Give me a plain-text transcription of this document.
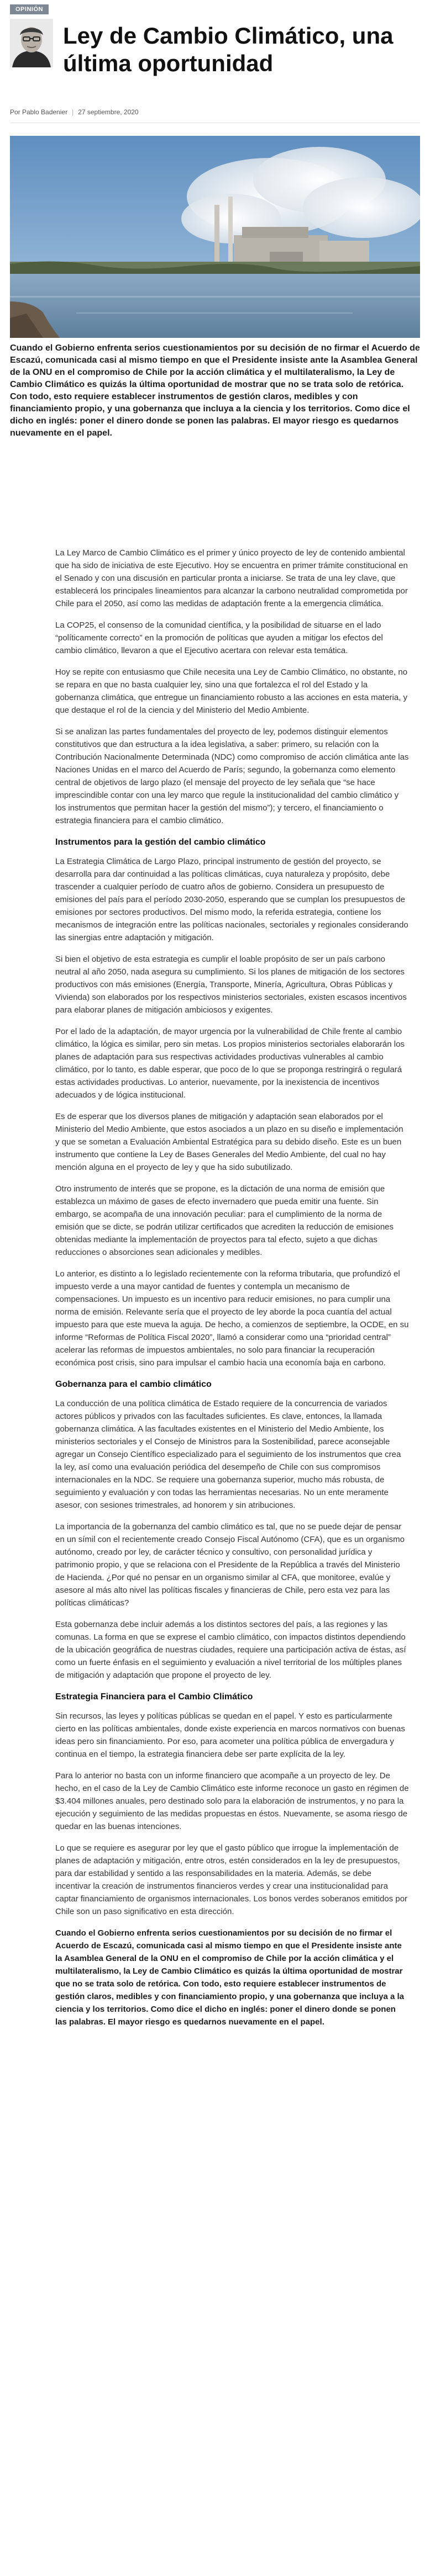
OPINIÓN
Ley de Cambio Climático, una última oportunidad
Por Pablo Badenier | 27 septiembre, 2020

Cuando el Gobierno enfrenta serios cuestionamientos por su decisión de no firmar el Acuerdo de Escazú, comunicada casi al mismo tiempo en que el Presidente insiste ante la Asamblea General de la ONU en el compromiso de Chile por la acción climática y el multilateralismo, la Ley de Cambio Climático es quizás la última oportunidad de mostrar que no se trata solo de retórica. Con todo, esto requiere establecer instrumentos de gestión claros, medibles y con financiamiento propio, y una gobernanza que incluya a la ciencia y los territorios. Como dice el dicho en inglés: poner el dinero donde se ponen las palabras. El mayor riesgo es quedarnos nuevamente en el papel.

La Ley Marco de Cambio Climático es el primer y único proyecto de ley de contenido ambiental que ha sido de iniciativa de este Ejecutivo. Hoy se encuentra en primer trámite constitucional en el Senado y con una discusión en particular pronta a iniciarse. Se trata de una ley clave, que establecerá los principales lineamientos para alcanzar la carbono neutralidad comprometida por Chile para el 2050, así como las medidas de adaptación frente a la emergencia climática.

La COP25, el consenso de la comunidad científica, y la posibilidad de situarse en el lado “políticamente correcto” en la promoción de políticas que ayuden a mitigar los efectos del cambio climático, llevaron a que el Ejecutivo acertara con relevar esta temática.

Hoy se repite con entusiasmo que Chile necesita una Ley de Cambio Climático, no obstante, no se repara en que no basta cualquier ley, sino una que fortalezca el rol del Estado y la gobernanza climática, que entregue un financiamiento robusto a las acciones en esta materia, y que destaque el rol de la ciencia y del Ministerio del Medio Ambiente.

Si se analizan las partes fundamentales del proyecto de ley, podemos distinguir elementos constitutivos que dan estructura a la idea legislativa, a saber: primero, su relación con la Contribución Nacionalmente Determinada (NDC) como compromiso de acción climática ante las Naciones Unidas en el marco del Acuerdo de París; segundo, la gobernanza como elemento central de objetivos de largo plazo (el mensaje del proyecto de ley señala que “se hace imprescindible contar con una ley marco que regule la institucionalidad del cambio climático y los instrumentos que permitan hacer la gestión del mismo”); y tercero, el financiamiento o estrategia financiera para el cambio climático.

Instrumentos para la gestión del cambio climático

La Estrategia Climática de Largo Plazo, principal instrumento de gestión del proyecto, se desarrolla para dar continuidad a las políticas climáticas, cuya naturaleza y propósito, debe trascender a cualquier período de cuatro años de gobierno. Considera un presupuesto de emisiones del país para el período 2030-2050, esperando que se cumplan los presupuestos de emisiones por sectores productivos. Del mismo modo, la referida estrategia, contiene los mecanismos de integración entre las políticas nacionales, sectoriales y regionales considerando las sinergias entre adaptación y mitigación.

Si bien el objetivo de esta estrategia es cumplir el loable propósito de ser un país carbono neutral al año 2050, nada asegura su cumplimiento. Si los planes de mitigación de los sectores productivos con más emisiones (Energía, Transporte, Minería, Agricultura, Obras Públicas y Vivienda) son elaborados por los respectivos ministerios sectoriales, existen escasos incentivos para elaborar planes de mitigación ambiciosos y exigentes.

Por el lado de la adaptación, de mayor urgencia por la vulnerabilidad de Chile frente al cambio climático, la lógica es similar, pero sin metas. Los propios ministerios sectoriales elaborarán los planes de adaptación para sus respectivas actividades productivas vulnerables al cambio climático, por lo tanto, es dable esperar, que poco de lo que se proponga restringirá o regulará estas actividades productivas. Lo anterior, nuevamente, por la inexistencia de incentivos adecuados y de lógica institucional.

Es de esperar que los diversos planes de mitigación y adaptación sean elaborados por el Ministerio del Medio Ambiente, que estos asociados a un plazo en su diseño e implementación y que se sometan a Evaluación Ambiental Estratégica para su debido diseño. Este es un buen instrumento que contiene la Ley de Bases Generales del Medio Ambiente, del cual no hay mención alguna en el proyecto de ley y que ha sido subutilizado.

Otro instrumento de interés que se propone, es la dictación de una norma de emisión que establezca un máximo de gases de efecto invernadero que pueda emitir una fuente. Sin embargo, se acompaña de una innovación peculiar: para el cumplimiento de la norma de emisión que se dicte, se podrán utilizar certificados que acrediten la reducción de emisiones obtenidas mediante la implementación de proyectos para tal efecto, sujeto a que dichas reducciones o absorciones sean adicionales y medibles.

Lo anterior, es distinto a lo legislado recientemente con la reforma tributaria, que profundizó el impuesto verde a una mayor cantidad de fuentes y contempla un mecanismo de compensaciones. Un impuesto es un incentivo para reducir emisiones, no para cumplir una norma de emisión. Relevante sería que el proyecto de ley aborde la poca cuantía del actual impuesto para que este mueva la aguja. De hecho, a comienzos de septiembre, la OCDE, en su informe “Reformas de Política Fiscal 2020”, llamó a considerar como una “prioridad central” acelerar las reformas de impuestos ambientales, no solo para financiar la recuperación económica post crisis, sino para impulsar el cambio hacia una economía baja en carbono.

Gobernanza para el cambio climático

La conducción de una política climática de Estado requiere de la concurrencia de variados actores públicos y privados con las facultades suficientes. Es clave, entonces, la llamada gobernanza climática. A las facultades existentes en el Ministerio del Medio Ambiente, los ministerios sectoriales y el Consejo de Ministros para la Sostenibilidad, parece aconsejable agregar un Consejo Científico especializado para el seguimiento de los instrumentos que crea la ley, así como una evaluación periódica del desempeño de Chile con sus compromisos internacionales en la NDC. Se requiere una gobernanza superior, mucho más robusta, de seguimiento y evaluación y con todas las herramientas necesarias. No un ente meramente asesor, con sesiones trimestrales, ad honorem y sin atribuciones.

La importancia de la gobernanza del cambio climático es tal, que no se puede dejar de pensar en un símil con el recientemente creado Consejo Fiscal Autónomo (CFA), que es un organismo autónomo, creado por ley, de carácter técnico y consultivo, con personalidad jurídica y patrimonio propio, y que se relaciona con el Presidente de la República a través del Ministerio de Hacienda. ¿Por qué no pensar en un organismo similar al CFA, que monitoree, evalúe y asesore al más alto nivel las políticas fiscales y financieras de Chile, pero esta vez para las políticas climáticas?

Esta gobernanza debe incluir además a los distintos sectores del país, a las regiones y las comunas. La forma en que se exprese el cambio climático, con impactos distintos dependiendo de la ubicación geográfica de nuestras ciudades, requiere una participación activa de éstas, así como un fuerte énfasis en el seguimiento y evaluación a nivel territorial de los múltiples planes de mitigación y adaptación que propone el proyecto de ley.

Estrategia Financiera para el Cambio Climático

Sin recursos, las leyes y políticas públicas se quedan en el papel. Y esto es particularmente cierto en las políticas ambientales, donde existe experiencia en marcos normativos con buenas ideas pero sin financiamiento. Por eso, para acometer una política pública de envergadura y continua en el tiempo, la estrategia financiera debe ser parte explícita de la ley.

Para lo anterior no basta con un informe financiero que acompañe a un proyecto de ley. De hecho, en el caso de la Ley de Cambio Climático este informe reconoce un gasto en régimen de $3.404 millones anuales, pero destinado solo para la elaboración de instrumentos, y no para la ejecución y seguimiento de las medidas propuestas en éstos. Nuevamente, se asoma riesgo de quedar en las buenas intenciones.

Lo que se requiere es asegurar por ley que el gasto público que irrogue la implementación de planes de adaptación y mitigación, entre otros, estén considerados en la ley de presupuestos, para dar estabilidad y sentido a las responsabilidades en la materia. Además, se debe incentivar la creación de instrumentos financieros verdes y crear una institucionalidad para captar financiamiento de organismos internacionales. Los bonos verdes soberanos emitidos por Chile son un paso significativo en esta dirección.

Cuando el Gobierno enfrenta serios cuestionamientos por su decisión de no firmar el Acuerdo de Escazú, comunicada casi al mismo tiempo en que el Presidente insiste ante la Asamblea General de la ONU en el compromiso de Chile por la acción climática y el multilateralismo, la Ley de Cambio Climático es quizás la última oportunidad de mostrar que no se trata solo de retórica. Con todo, esto requiere establecer instrumentos de gestión claros, medibles y con financiamiento propio, y una gobernanza que incluya a la ciencia y los territorios. Como dice el dicho en inglés: poner el dinero donde se ponen las palabras. El mayor riesgo es quedarnos nuevamente en el papel.
